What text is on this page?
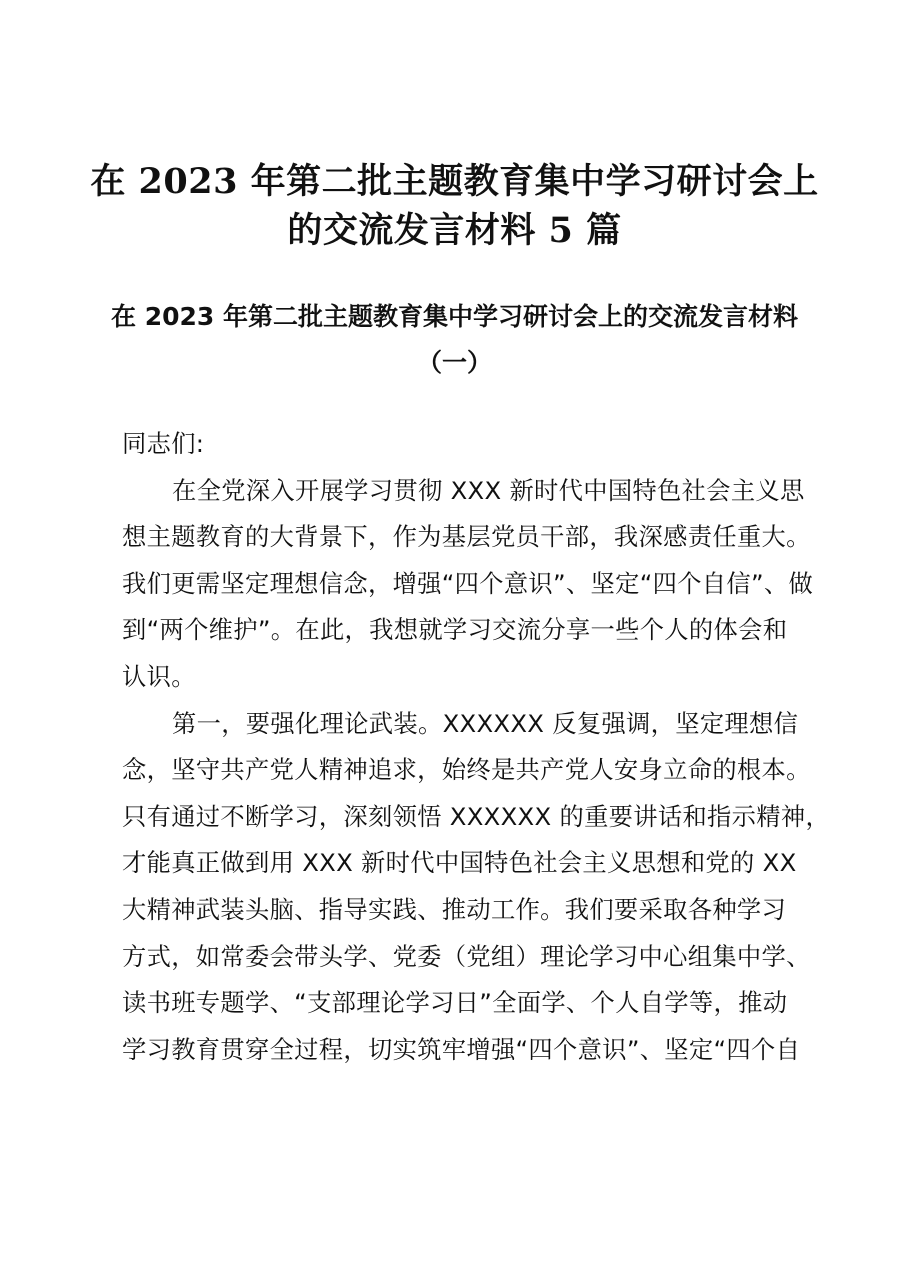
在 2023 年第二批主题教育集中学习研讨会上
的交流发言材料 5 篇
在 2023 年第二批主题教育集中学习研讨会上的交流发言材料
（一）
同志们:
在全党深入开展学习贯彻 XXX 新时代中国特色社会主义思
想主题教育的大背景下，作为基层党员干部，我深感责任重大。
我们更需坚定理想信念，增强“四个意识”、坚定“四个自信”、做
到“两个维护”。在此，我想就学习交流分享一些个人的体会和
认识。
第一，要强化理论武装。XXXXXX 反复强调，坚定理想信
念，坚守共产党人精神追求，始终是共产党人安身立命的根本。
只有通过不断学习，深刻领悟 XXXXXX 的重要讲话和指示精神，
才能真正做到用 XXX 新时代中国特色社会主义思想和党的 XX
大精神武装头脑、指导实践、推动工作。我们要采取各种学习
方式，如常委会带头学、党委（党组）理论学习中心组集中学、
读书班专题学、“支部理论学习日”全面学、个人自学等，推动
学习教育贯穿全过程，切实筑牢增强“四个意识”、坚定“四个自
